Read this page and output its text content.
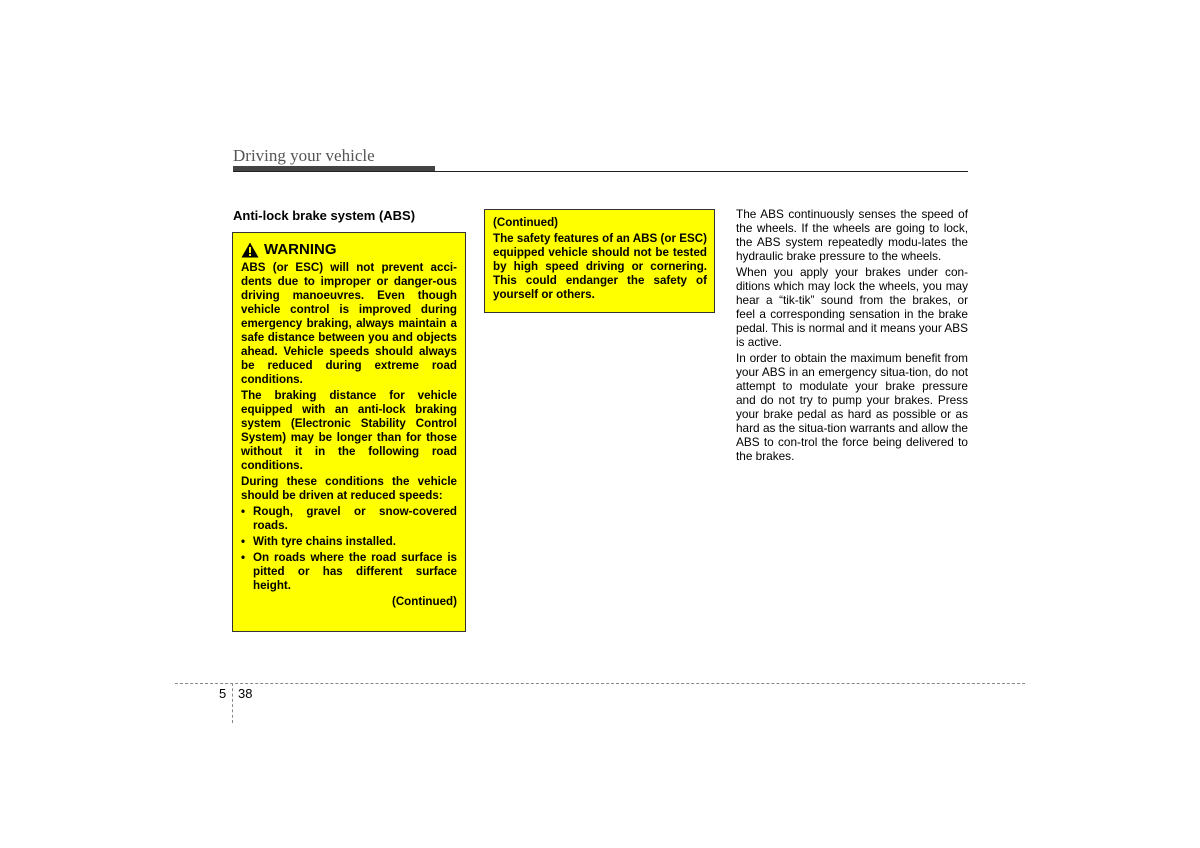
Driving your vehicle
Anti-lock brake system (ABS)
WARNING

ABS (or ESC) will not prevent acci-dents due to improper or danger-ous driving manoeuvres. Even though vehicle control is improved during emergency braking, always maintain a safe distance between you and objects ahead. Vehicle speeds should always be reduced during extreme road conditions.

The braking distance for vehicle equipped with an anti-lock braking system (Electronic Stability Control System) may be longer than for those without it in the following road conditions.

During these conditions the vehicle should be driven at reduced speeds:

• Rough, gravel or snow-covered roads.
• With tyre chains installed.
• On roads where the road surface is pitted or has different surface height.
(Continued)
(Continued)

The safety features of an ABS (or ESC) equipped vehicle should not be tested by high speed driving or cornering. This could endanger the safety of yourself or others.

The ABS continuously senses the speed of the wheels. If the wheels are going to lock, the ABS system repeatedly modu-lates the hydraulic brake pressure to the wheels.

When you apply your brakes under con-ditions which may lock the wheels, you may hear a “tik-tik” sound from the brakes, or feel a corresponding sensation in the brake pedal. This is normal and it means your ABS is active.

In order to obtain the maximum benefit from your ABS in an emergency situa-tion, do not attempt to modulate your brake pressure and do not try to pump your brakes. Press your brake pedal as hard as possible or as hard as the situa-tion warrants and allow the ABS to con-trol the force being delivered to the brakes.

5 38
